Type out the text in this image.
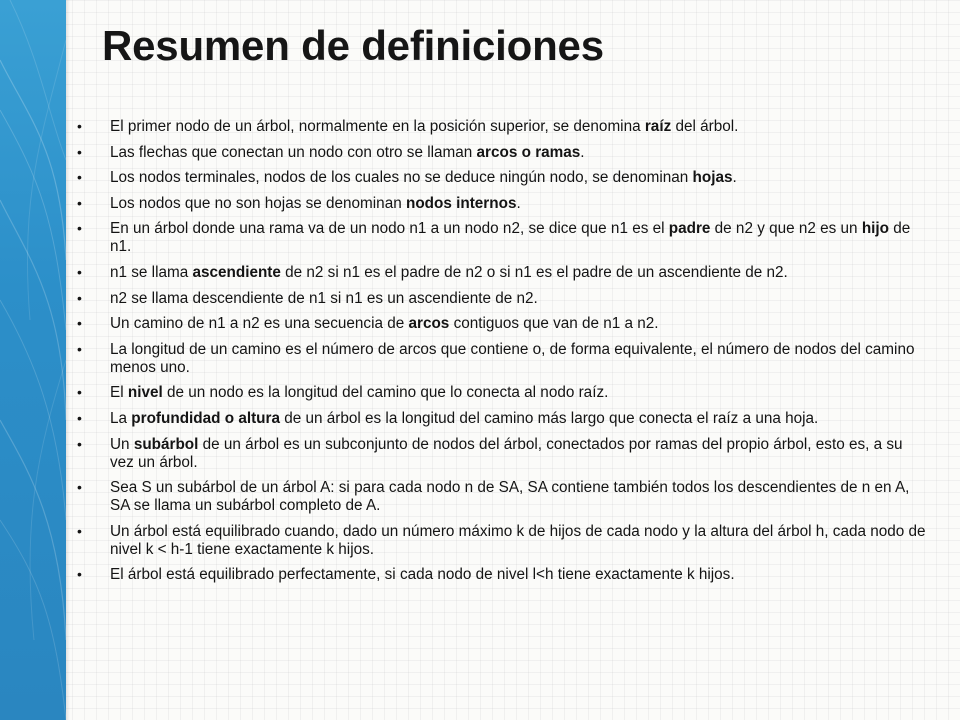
Resumen de definiciones
• El primer nodo de un árbol, normalmente en la posición superior, se denomina raíz del árbol.
• Las flechas que conectan un nodo con otro se llaman arcos o ramas.
• Los nodos terminales, nodos de los cuales no se deduce ningún nodo, se denominan hojas.
• Los nodos que no son hojas se denominan nodos internos.
• En un árbol donde una rama va de un nodo n1 a un nodo n2, se dice que n1 es el padre de n2 y que n2 es un hijo de n1.
• n1 se llama ascendiente de n2 si n1 es el padre de n2 o si n1 es el padre de un ascendiente de n2.
• n2 se llama descendiente de n1 si n1 es un ascendiente de n2.
• Un camino de n1 a n2 es una secuencia de arcos contiguos que van de n1 a n2.
• La longitud de un camino es el número de arcos que contiene o, de forma equivalente, el número de nodos del camino menos uno.
• El nivel de un nodo es la longitud del camino que lo conecta al nodo raíz.
• La profundidad o altura de un árbol es la longitud del camino más largo que conecta el raíz a una hoja.
• Un subárbol de un árbol es un subconjunto de nodos del árbol, conectados por ramas del propio árbol, esto es, a su vez un árbol.
• Sea S un subárbol de un árbol A: si para cada nodo n de SA, SA contiene también todos los descendientes de n en A, SA se llama un subárbol completo de A.
• Un árbol está equilibrado cuando, dado un número máximo k de hijos de cada nodo y la altura del árbol h, cada nodo de nivel k < h-1 tiene exactamente k hijos.
• El árbol está equilibrado perfectamente, si cada nodo de nivel l<h tiene exactamente k hijos.
